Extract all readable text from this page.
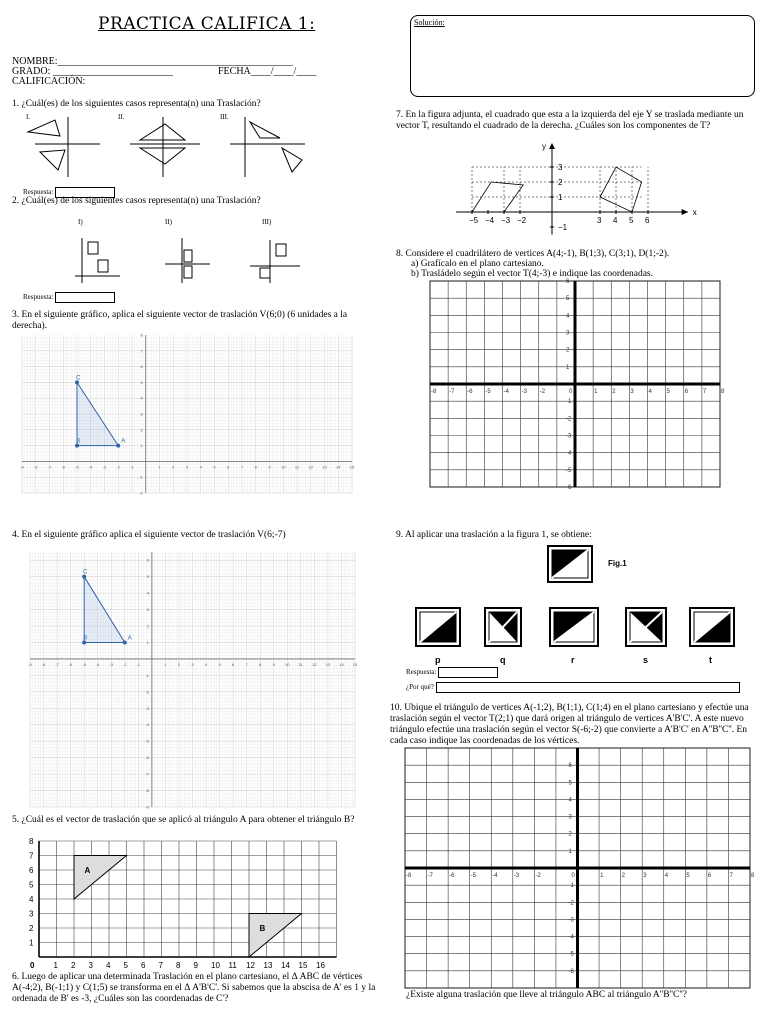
PRACTICA CALIFICA 1:	Solución:
NOMBRE:_______________________________________________
GRADO: ________________________	FECHA____/____/____
CALIFICACIÓN:
1. ¿Cuál(es) de los siguientes casos representa(n) una Traslación?
I.	II.	III.
Respuesta:
2. ¿Cuál(es) de los siguientes casos representa(n) una Traslación?
I)	II)	III)
Respuesta:
3. En el siguiente gráfico, aplica el siguiente vector de traslación V(6;0) (6 unidades a la derecha).
-9	-8	-7	-6	-5	-4	-3	-2	-1	1	2	3	4	5	6	7	8	9	10 11 12 13 14 15
-2
-1
1
2
3
4
5
6
7
8
C
B	A
4. En el siguiente gráfico aplica el siguiente vector de traslación V(6;-7)
-9 -8 -7 -6 -5 -4 -3 -2 -1	1	2	3	4	5	6	7	8	9	10 11 12 13 14 15
-9
-8
-7
-6
-5
-4
-3
-2
-1
1
2
3
4
5
6
C
B	A
5. ¿Cuál es el vector de traslación que se aplicó al triángulo A para obtener el triángulo B?
0 1 2 3 4 5 6 7 8 9 10 11 12 13 14 15 16
1
2
3
4
5
6
7
8
A
B
6. Luego de aplicar una determinada Traslación en el plano cartesiano, el Δ ABC de vértices A(-4;2), B(-1;1) y C(1;5) se transforma en el Δ A'B'C'. Si sabemos que la abscisa de A' es 1 y la ordenada de B' es -3, ¿Cuáles son las coordenadas de C'?
7. En la figura adjunta, el cuadrado que esta a la izquierda del eje Y se traslada mediante un vector T, resultando el cuadrado de la derecha. ¿Cuáles son los componentes de T?
x
y
−5 −4 −3 −2	3 4 5 6
3
2
1
−1
8. Considere el cuadrilátero de vertices A(4;-1), B(1;3), C(3;1), D(1;-2).
a) Grafícalo en el plano cartesiano.
b) Trasládelo según el vector T(4;-3) e indique las coordenadas.
-8 -7 -6 -5 -4 -3 -2	0	1 2 3 4 5 6 7 8
6
5
4
3
2
1
-1
-2
-3
-4
-5
-6
9. Al aplicar una traslación a la figura 1, se obtiene:
Fig.1
p	q	r	s	t
Respuesta:
¿Por qué?
10. Ubique el triángulo de vertices A(-1;2), B(1;1), C(1;4) en el plano cartesiano y efectúe una traslación según el vector T(2;1) que dará origen al triángulo de vertices A'B'C'. A este nuevo triángulo efectúe una traslación según el vector S(-6;-2) que convierte a A'B'C' en A''B''C''. En cada caso indique las coordenadas de los vértices.
-8	-7	-6	-5	-4	-3	-2	0	1	2	3	4	5	6	7	8
6
5
4
3
2
1
-1
-2
-3
-4
-5
-6
¿Existe alguna traslación que lleve al triángulo ABC al triángulo A''B''C''?
